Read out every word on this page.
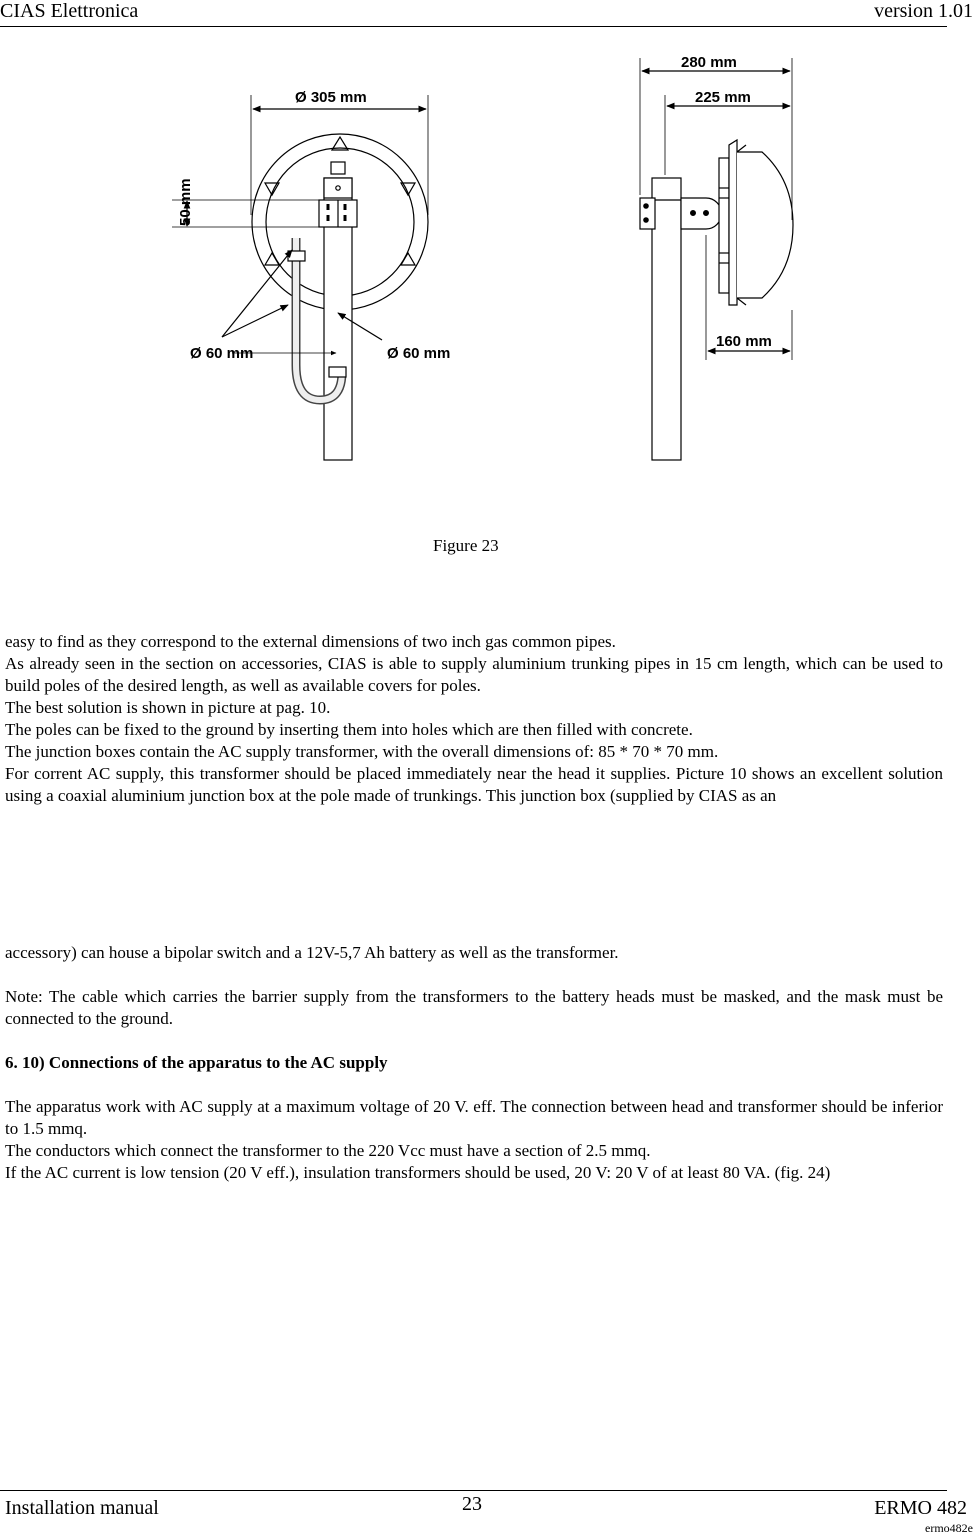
CIAS Elettronica	version 1.01
50 mm
Ø 305 mm
Ø 60 mm	Ø 60 mm
280 mm
225 mm
160 mm
Figure 23

easy to find as they correspond to the external dimensions of two inch gas common pipes.

As already seen in the section on accessories, CIAS is able to supply aluminium trunking pipes in 15 cm length, which can be used to build poles of the desired length, as well as available covers for poles.

The best solution is shown in picture at pag. 10.

The poles can be fixed to the ground by inserting them into holes which are then filled with concrete.

The junction boxes contain the AC supply transformer, with the overall dimensions of: 85 * 70 * 70 mm.

For corrent AC supply, this transformer should be placed immediately near the head it supplies. Picture 10 shows an excellent solution using a coaxial aluminium junction box at the pole made of trunkings. This junction box (supplied by CIAS as an

accessory) can house a bipolar switch and a 12V-5,7 Ah battery as well as the transformer.

Note: The cable which carries the barrier supply from the transformers to the battery heads must be masked, and the mask must be connected to the ground.

6. 10) Connections of the apparatus to the AC supply

The apparatus work with AC supply at a maximum voltage of 20 V. eff. The connection between head and transformer should be inferior to 1.5 mmq.

The conductors which connect the transformer to the 220 Vcc must have a section of 2.5 mmq.

If the AC current is low tension (20 V eff.), insulation transformers should be used, 20 V: 20 V of at least 80 VA. (fig. 24)

Installation manual	23	ERMO 482
ermo482e
